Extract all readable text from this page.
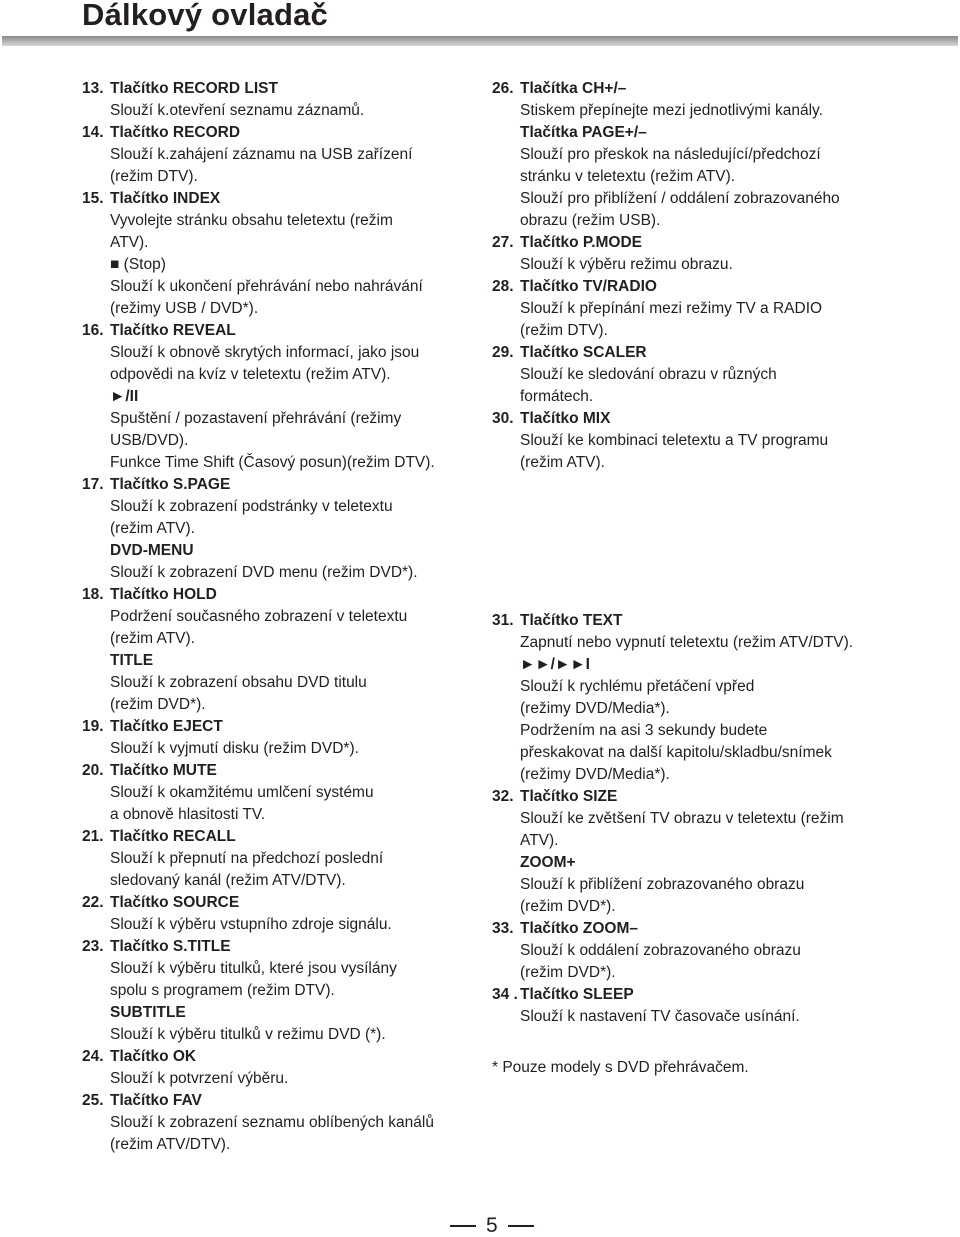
Dálkový ovladač
13. Tlačítko RECORD LIST
Slouží k.otevření seznamu záznamů.
14. Tlačítko RECORD
Slouží k.zahájení záznamu na USB zařízení
(režim DTV).
15. Tlačítko INDEX
Vyvolejte stránku obsahu teletextu (režim
ATV).
■ (Stop)
Slouží k ukončení přehrávání nebo nahrávání
(režimy USB / DVD*).
16. Tlačítko REVEAL
Slouží k obnově skrytých informací, jako jsou
odpovědi na kvíz v teletextu (režim ATV).
►/II
Spuštění / pozastavení přehrávání (režimy
USB/DVD).
Funkce Time Shift (Časový posun)(režim DTV).
17. Tlačítko S.PAGE
Slouží k zobrazení podstránky v teletextu
(režim ATV).
DVD-MENU
Slouží k zobrazení DVD menu (režim DVD*).
18. Tlačítko HOLD
Podržení současného zobrazení v teletextu
(režim ATV).
TITLE
Slouží k zobrazení obsahu DVD titulu
(režim DVD*).
19. Tlačítko EJECT
Slouží k vyjmutí disku (režim DVD*).
20. Tlačítko MUTE
Slouží k okamžitému umlčení systému
a obnově hlasitosti TV.
21. Tlačítko RECALL
Slouží k přepnutí na předchozí poslední
sledovaný kanál (režim ATV/DTV).
22. Tlačítko SOURCE
Slouží k výběru vstupního zdroje signálu.
23. Tlačítko S.TITLE
Slouží k výběru titulků, které jsou vysílány
spolu s programem (režim DTV).
SUBTITLE
Slouží k výběru titulků v režimu DVD (*).
24. Tlačítko OK
Slouží k potvrzení výběru.
25. Tlačítko FAV
Slouží k zobrazení seznamu oblíbených kanálů
(režim ATV/DTV).
26. Tlačítka CH+/–
Stiskem přepínejte mezi jednotlivými kanály.
Tlačítka PAGE+/–
Slouží pro přeskok na následující/předchozí
stránku v teletextu (režim ATV).
Slouží pro přiblížení / oddálení zobrazovaného
obrazu (režim USB).
27. Tlačítko P.MODE
Slouží k výběru režimu obrazu.
28. Tlačítko TV/RADIO
Slouží k přepínání mezi režimy TV a RADIO
(režim DTV).
29. Tlačítko SCALER
Slouží ke sledování obrazu v různých
formátech.
30. Tlačítko MIX
Slouží ke kombinaci teletextu a TV programu
(režim ATV).
31. Tlačítko TEXT
Zapnutí nebo vypnutí teletextu (režim ATV/DTV).
►►/►►I
Slouží k rychlému přetáčení vpřed
(režimy DVD/Media*).
Podržením na asi 3 sekundy budete
přeskakovat na další kapitolu/skladbu/snímek
(režimy DVD/Media*).
32. Tlačítko SIZE
Slouží ke zvětšení TV obrazu v teletextu (režim
ATV).
ZOOM+
Slouží k přiblížení zobrazovaného obrazu
(režim DVD*).
33. Tlačítko ZOOM–
Slouží k oddálení zobrazovaného obrazu
(režim DVD*).
34 . Tlačítko SLEEP
Slouží k nastavení TV časovače usínání.
* Pouze modely s DVD přehrávačem.
5
